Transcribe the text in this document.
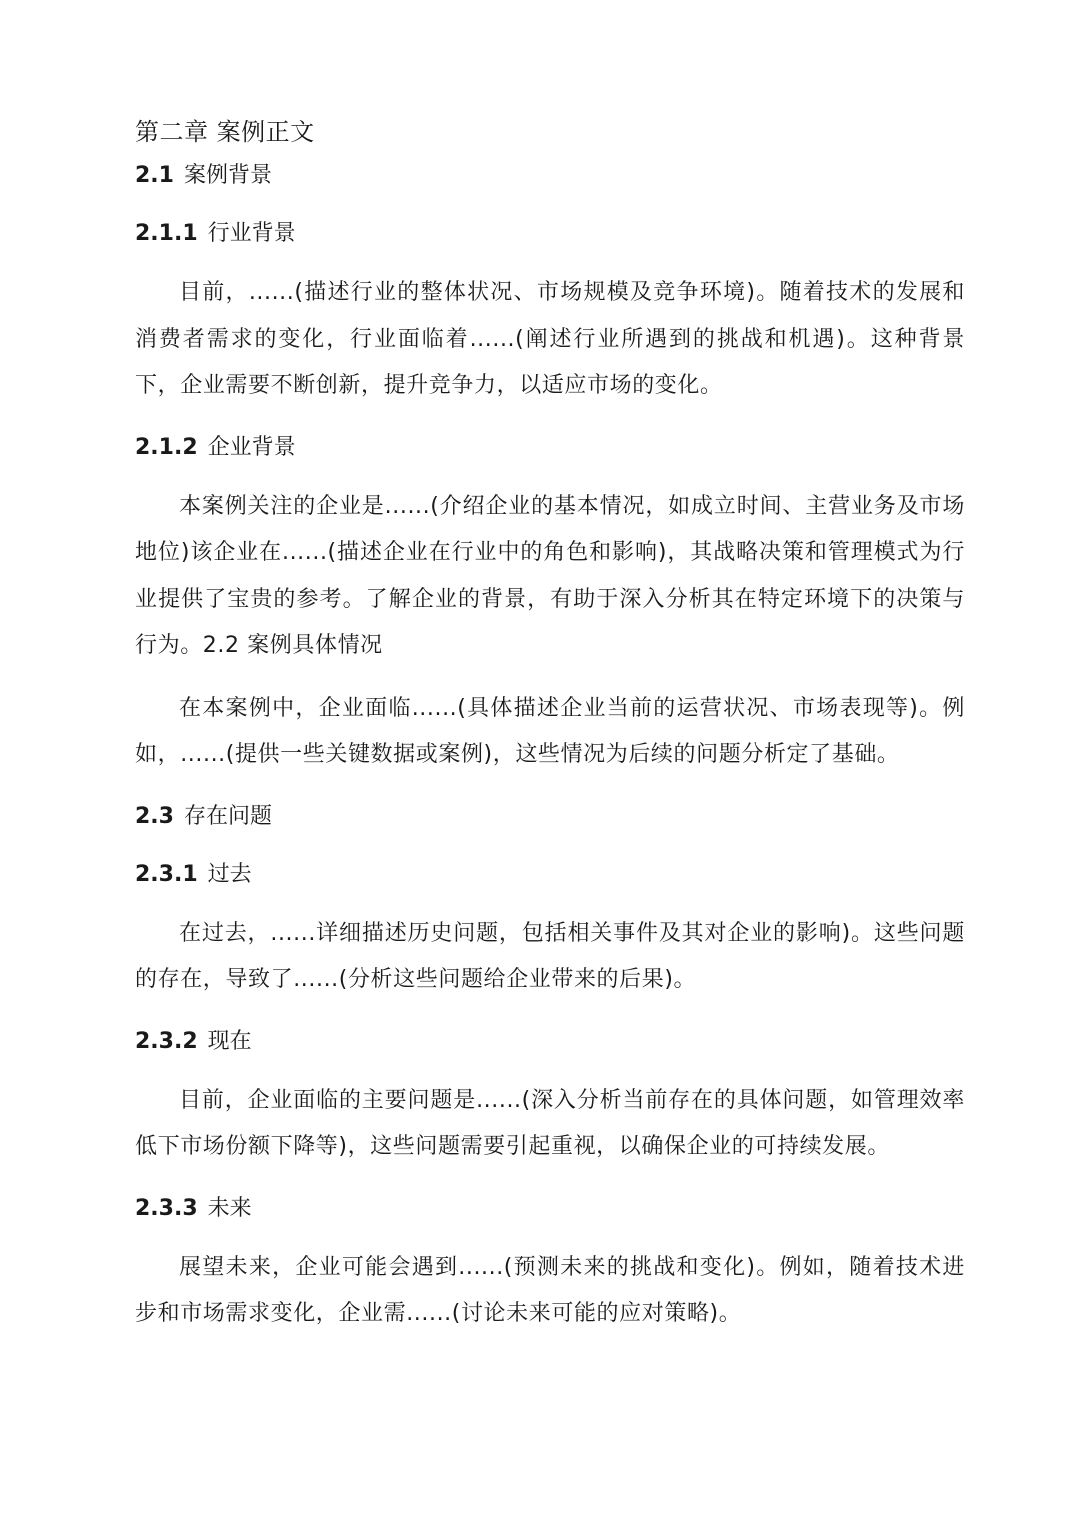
第二章 案例正文
2.1 案例背景
2.1.1 行业背景

目前，......(描述行业的整体状况、市场规模及竞争环境)。随着技术的发展和消费者需求的变化，行业面临着......(阐述行业所遇到的挑战和机遇)。这种背景下，企业需要不断创新，提升竞争力，以适应市场的变化。

2.1.2 企业背景

本案例关注的企业是......(介绍企业的基本情况，如成立时间、主营业务及市场地位)该企业在......(描述企业在行业中的角色和影响)，其战略决策和管理模式为行业提供了宝贵的参考。了解企业的背景，有助于深入分析其在特定环境下的决策与行为。2.2 案例具体情况

在本案例中，企业面临......(具体描述企业当前的运营状况、市场表现等)。例如，......(提供一些关键数据或案例)，这些情况为后续的问题分析定了基础。

2.3 存在问题
2.3.1 过去

在过去，......详细描述历史问题，包括相关事件及其对企业的影响)。这些问题的存在，导致了......(分析这些问题给企业带来的后果)。

2.3.2 现在

目前，企业面临的主要问题是......(深入分析当前存在的具体问题，如管理效率低下市场份额下降等)，这些问题需要引起重视，以确保企业的可持续发展。

2.3.3 未来

展望未来，企业可能会遇到......(预测未来的挑战和变化)。例如，随着技术进步和市场需求变化，企业需......(讨论未来可能的应对策略)。
